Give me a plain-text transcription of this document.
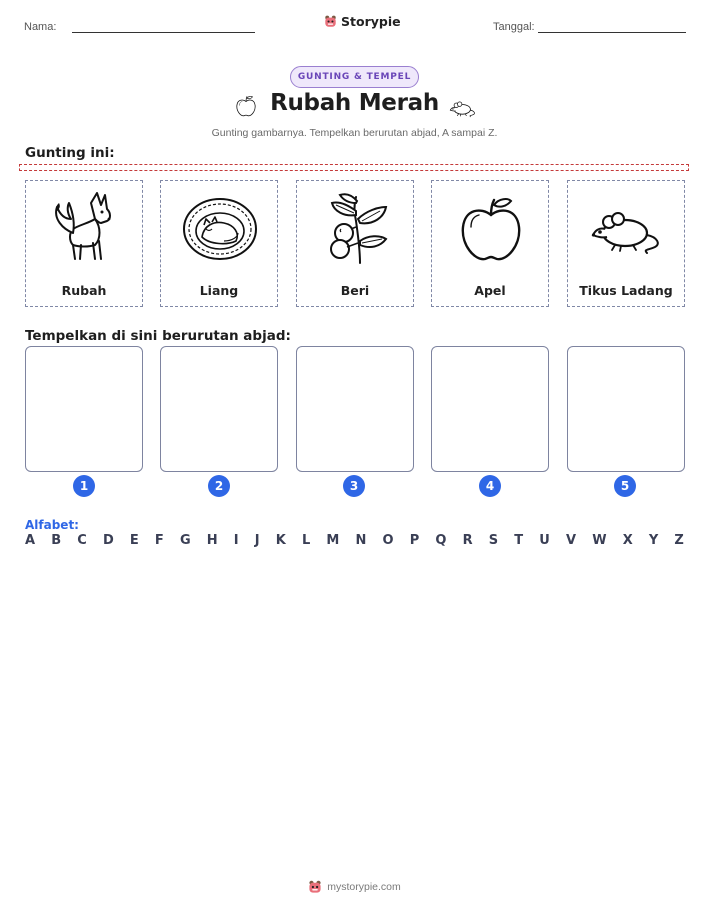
Nama:	Storypie	Tanggal:
GUNTING & TEMPEL
Rubah Merah
Gunting gambarnya. Tempelkan berurutan abjad, A sampai Z.
Gunting ini:
Rubah	Liang	Beri	Apel	Tikus Ladang
Tempelkan di sini berurutan abjad:
1	2	3	4	5
Alfabet:
A B C D E F G H I J K L M N O P Q R S T U V W X Y Z
mystorypie.com
